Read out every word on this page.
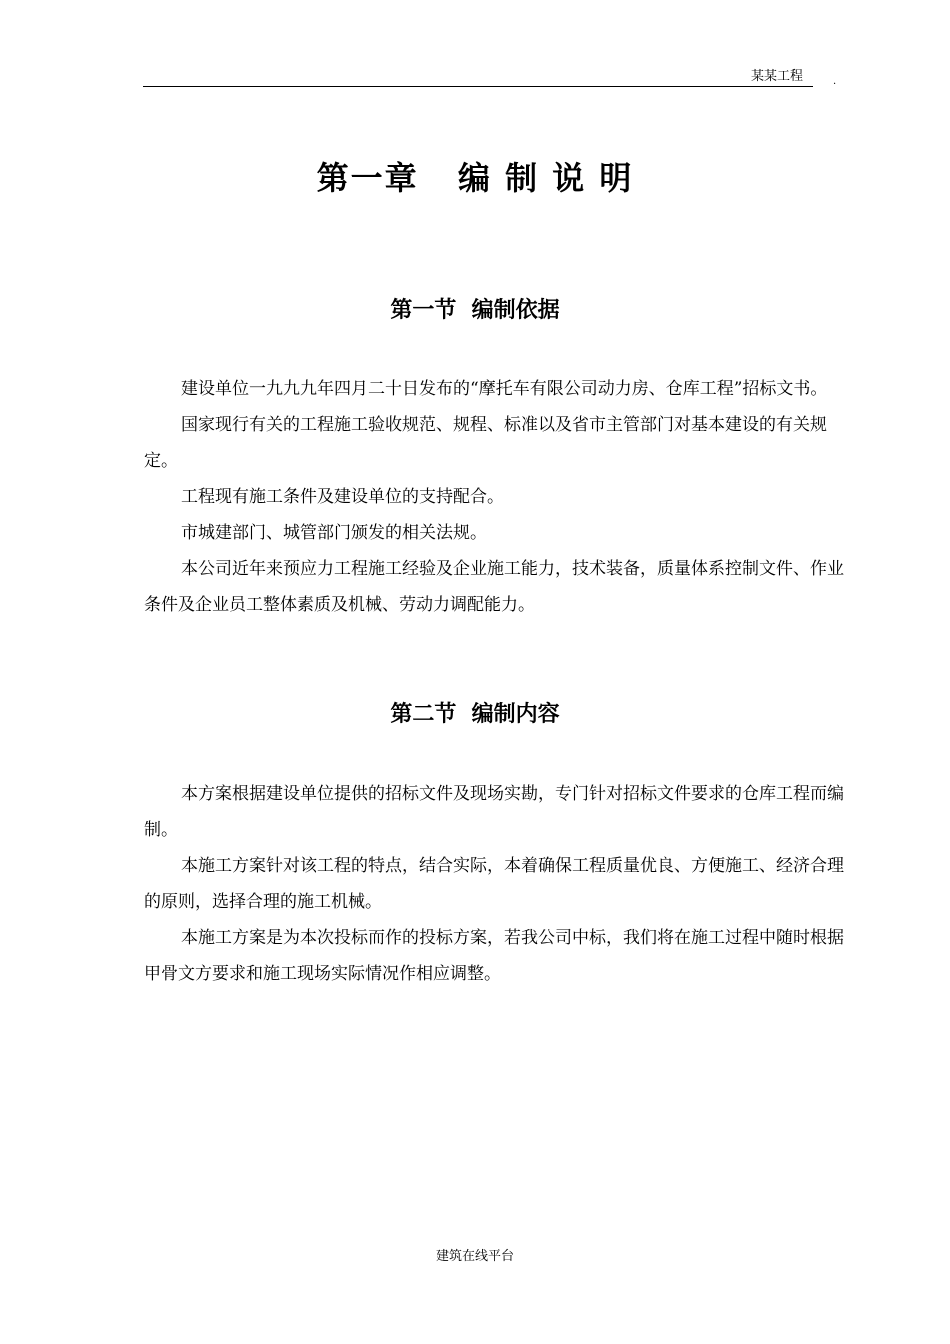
某某工程	.
第一章   编 制 说 明
第一节  编制依据

建设单位一九九九年四月二十日发布的“摩托车有限公司动力房、仓库工程”招标文书。

国家现行有关的工程施工验收规范、规程、标准以及省市主管部门对基本建设的有关规定。

工程现有施工条件及建设单位的支持配合。

市城建部门、城管部门颁发的相关法规。

本公司近年来预应力工程施工经验及企业施工能力，技术装备，质量体系控制文件、作业条件及企业员工整体素质及机械、劳动力调配能力。

第二节  编制内容

本方案根据建设单位提供的招标文件及现场实勘，专门针对招标文件要求的仓库工程而编制。

本施工方案针对该工程的特点，结合实际，本着确保工程质量优良、方便施工、经济合理的原则，选择合理的施工机械。

本施工方案是为本次投标而作的投标方案，若我公司中标，我们将在施工过程中随时根据甲骨文方要求和施工现场实际情况作相应调整。

建筑在线平台
